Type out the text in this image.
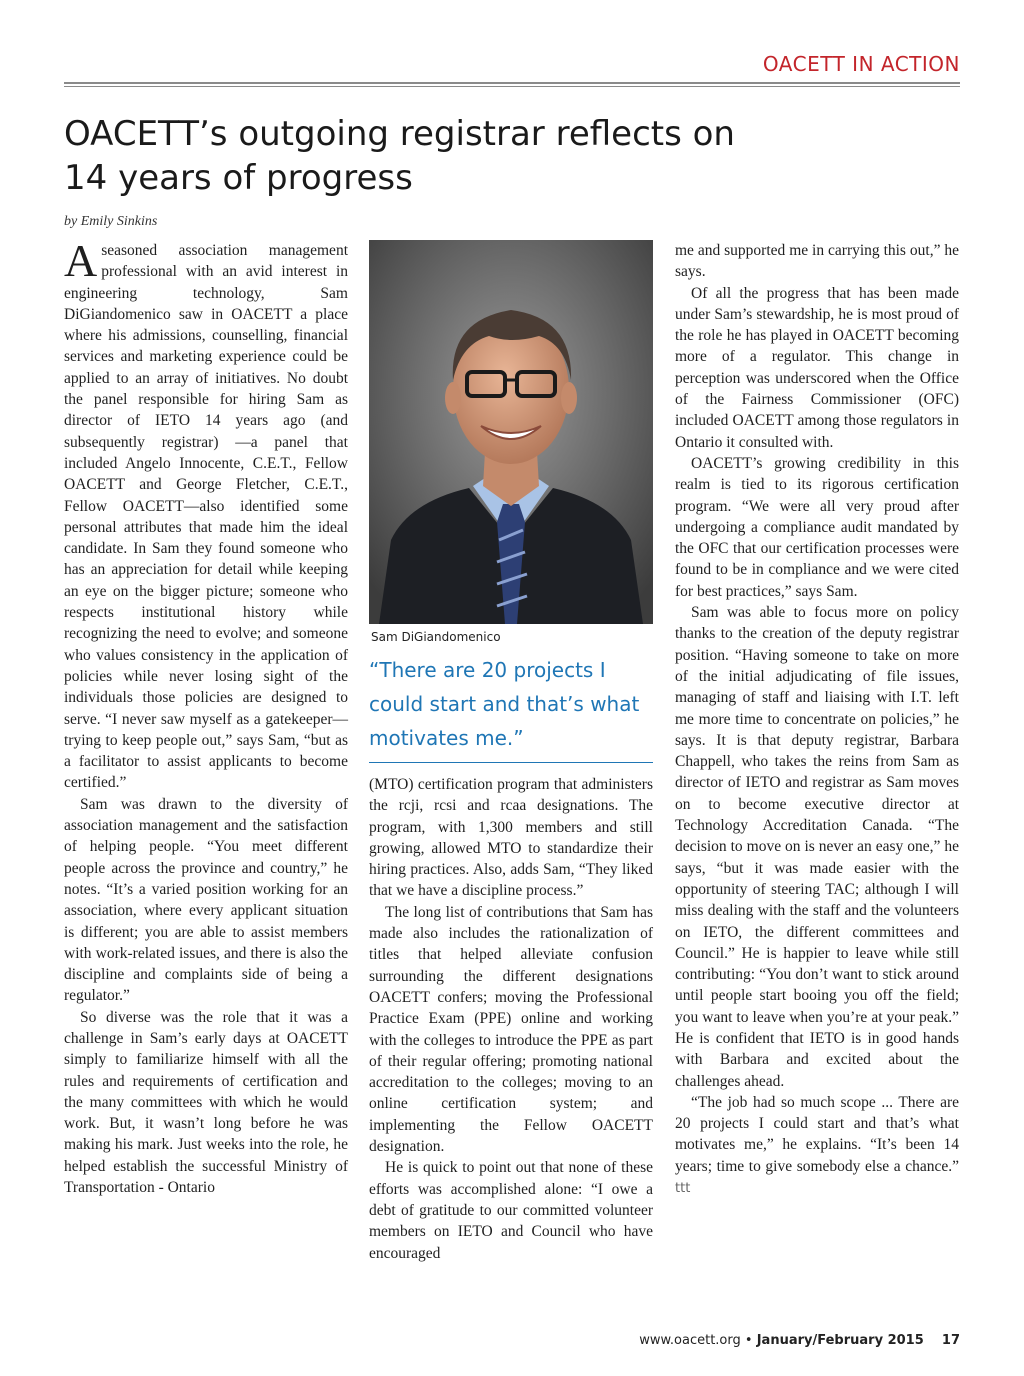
OACETT IN ACTION
OACETT’s outgoing registrar reflects on 14 years of progress
by Emily Sinkins

Aseasoned association management professional with an avid interest in engineering technology, Sam DiGiandomenico saw in OACETT a place where his admissions, counselling, financial services and marketing experience could be applied to an array of initiatives. No doubt the panel responsible for hiring Sam as director of IETO 14 years ago (and subsequently registrar) —a panel that included Angelo Innocente, C.E.T., Fellow OACETT and George Fletcher, C.E.T., Fellow OACETT—also identified some personal attributes that made him the ideal candidate. In Sam they found someone who has an appreciation for detail while keeping an eye on the bigger picture; someone who respects institutional history while recognizing the need to evolve; and someone who values consistency in the application of policies while never losing sight of the individuals those policies are designed to serve. “I never saw myself as a gatekeeper—trying to keep people out,” says Sam, “but as a facilitator to assist applicants to become certified.”

Sam was drawn to the diversity of association management and the satisfaction of helping people. “You meet different people across the province and country,” he notes. “It’s a varied position working for an association, where every applicant situation is different; you are able to assist members with work-related issues, and there is also the discipline and complaints side of being a regulator.”

So diverse was the role that it was a challenge in Sam’s early days at OACETT simply to familiarize himself with all the rules and requirements of certification and the many committees with which he would work. But, it wasn’t long before he was making his mark. Just weeks into the role, he helped establish the successful Ministry of Transportation - Ontario

Sam DiGiandomenico

“There are 20 projects I could start and that’s what motivates me.”

(MTO) certification program that administers the rcji, rcsi and rcaa designations. The program, with 1,300 members and still growing, allowed MTO to standardize their hiring practices. Also, adds Sam, “They liked that we have a discipline process.”

The long list of contributions that Sam has made also includes the rationalization of titles that helped alleviate confusion surrounding the different designations OACETT confers; moving the Professional Practice Exam (PPE) online and working with the colleges to introduce the PPE as part of their regular offering; promoting national accreditation to the colleges; moving to an online certification system; and implementing the Fellow OACETT designation.

He is quick to point out that none of these efforts was accomplished alone: “I owe a debt of gratitude to our committed volunteer members on IETO and Council who have encouraged

me and supported me in carrying this out,” he says.

Of all the progress that has been made under Sam’s stewardship, he is most proud of the role he has played in OACETT becoming more of a regulator. This change in perception was underscored when the Office of the Fairness Commissioner (OFC) included OACETT among those regulators in Ontario it consulted with.

OACETT’s growing credibility in this realm is tied to its rigorous certification program. “We were all very proud after undergoing a compliance audit mandated by the OFC that our certification processes were found to be in compliance and we were cited for best practices,” says Sam.

Sam was able to focus more on policy thanks to the creation of the deputy registrar position. “Having someone to take on more of the initial adjudicating of file issues, managing of staff and liaising with I.T. left me more time to concentrate on policies,” he says. It is that deputy registrar, Barbara Chappell, who takes the reins from Sam as director of IETO and registrar as Sam moves on to become executive director at Technology Accreditation Canada. “The decision to move on is never an easy one,” he says, “but it was made easier with the opportunity of steering TAC; although I will miss dealing with the staff and the volunteers on IETO, the different committees and Council.” He is happier to leave while still contributing: “You don’t want to stick around until people start booing you off the field; you want to leave when you’re at your peak.” He is confident that IETO is in good hands with Barbara and excited about the challenges ahead.

“The job had so much scope ... There are 20 projects I could start and that’s what motivates me,” he explains. “It’s been 14 years; time to give somebody else a chance.” ttt

www.oacett.org • January/February 2015 17
